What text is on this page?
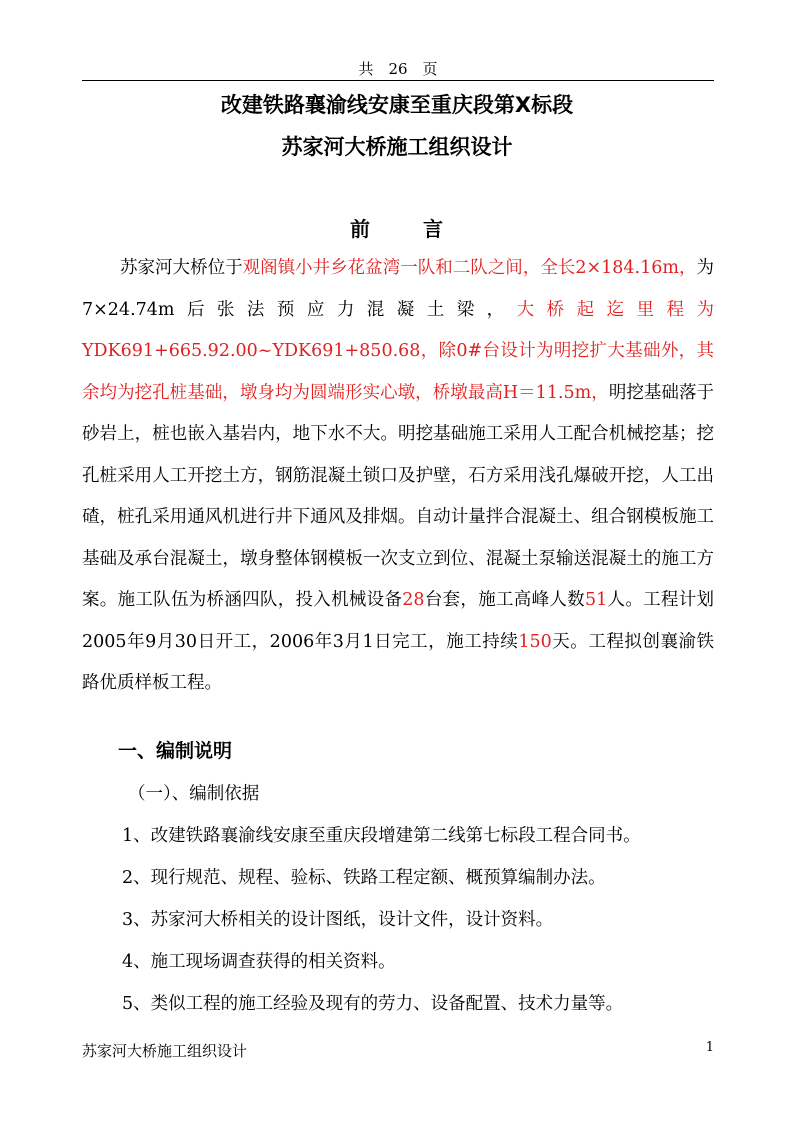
共　26　页
改建铁路襄渝线安康至重庆段第X标段
苏家河大桥施工组织设计
前	言
苏家河大桥位于观阁镇小井乡花盆湾一队和二队之间，全长2×184.16m，为7×24.74m后张法预应力混凝土梁，大桥起迄里程为YDK691+665.92.00~YDK691+850.68，除0#台设计为明挖扩大基础外，其余均为挖孔桩基础，墩身均为圆端形实心墩，桥墩最高H＝11.5m，明挖基础落于砂岩上，桩也嵌入基岩内，地下水不大。明挖基础施工采用人工配合机械挖基；挖孔桩采用人工开挖土方，钢筋混凝土锁口及护壁，石方采用浅孔爆破开挖，人工出碴，桩孔采用通风机进行井下通风及排烟。自动计量拌合混凝土、组合钢模板施工基础及承台混凝土，墩身整体钢模板一次支立到位、混凝土泵输送混凝土的施工方案。施工队伍为桥涵四队，投入机械设备28台套，施工高峰人数51人。工程计划2005年9月30日开工，2006年3月1日完工，施工持续150天。工程拟创襄渝铁路优质样板工程。
一、编制说明
（一）、编制依据
1、改建铁路襄渝线安康至重庆段增建第二线第七标段工程合同书。
2、现行规范、规程、验标、铁路工程定额、概预算编制办法。
3、苏家河大桥相关的设计图纸，设计文件，设计资料。
4、施工现场调查获得的相关资料。
5、类似工程的施工经验及现有的劳力、设备配置、技术力量等。
苏家河大桥施工组织设计	1
